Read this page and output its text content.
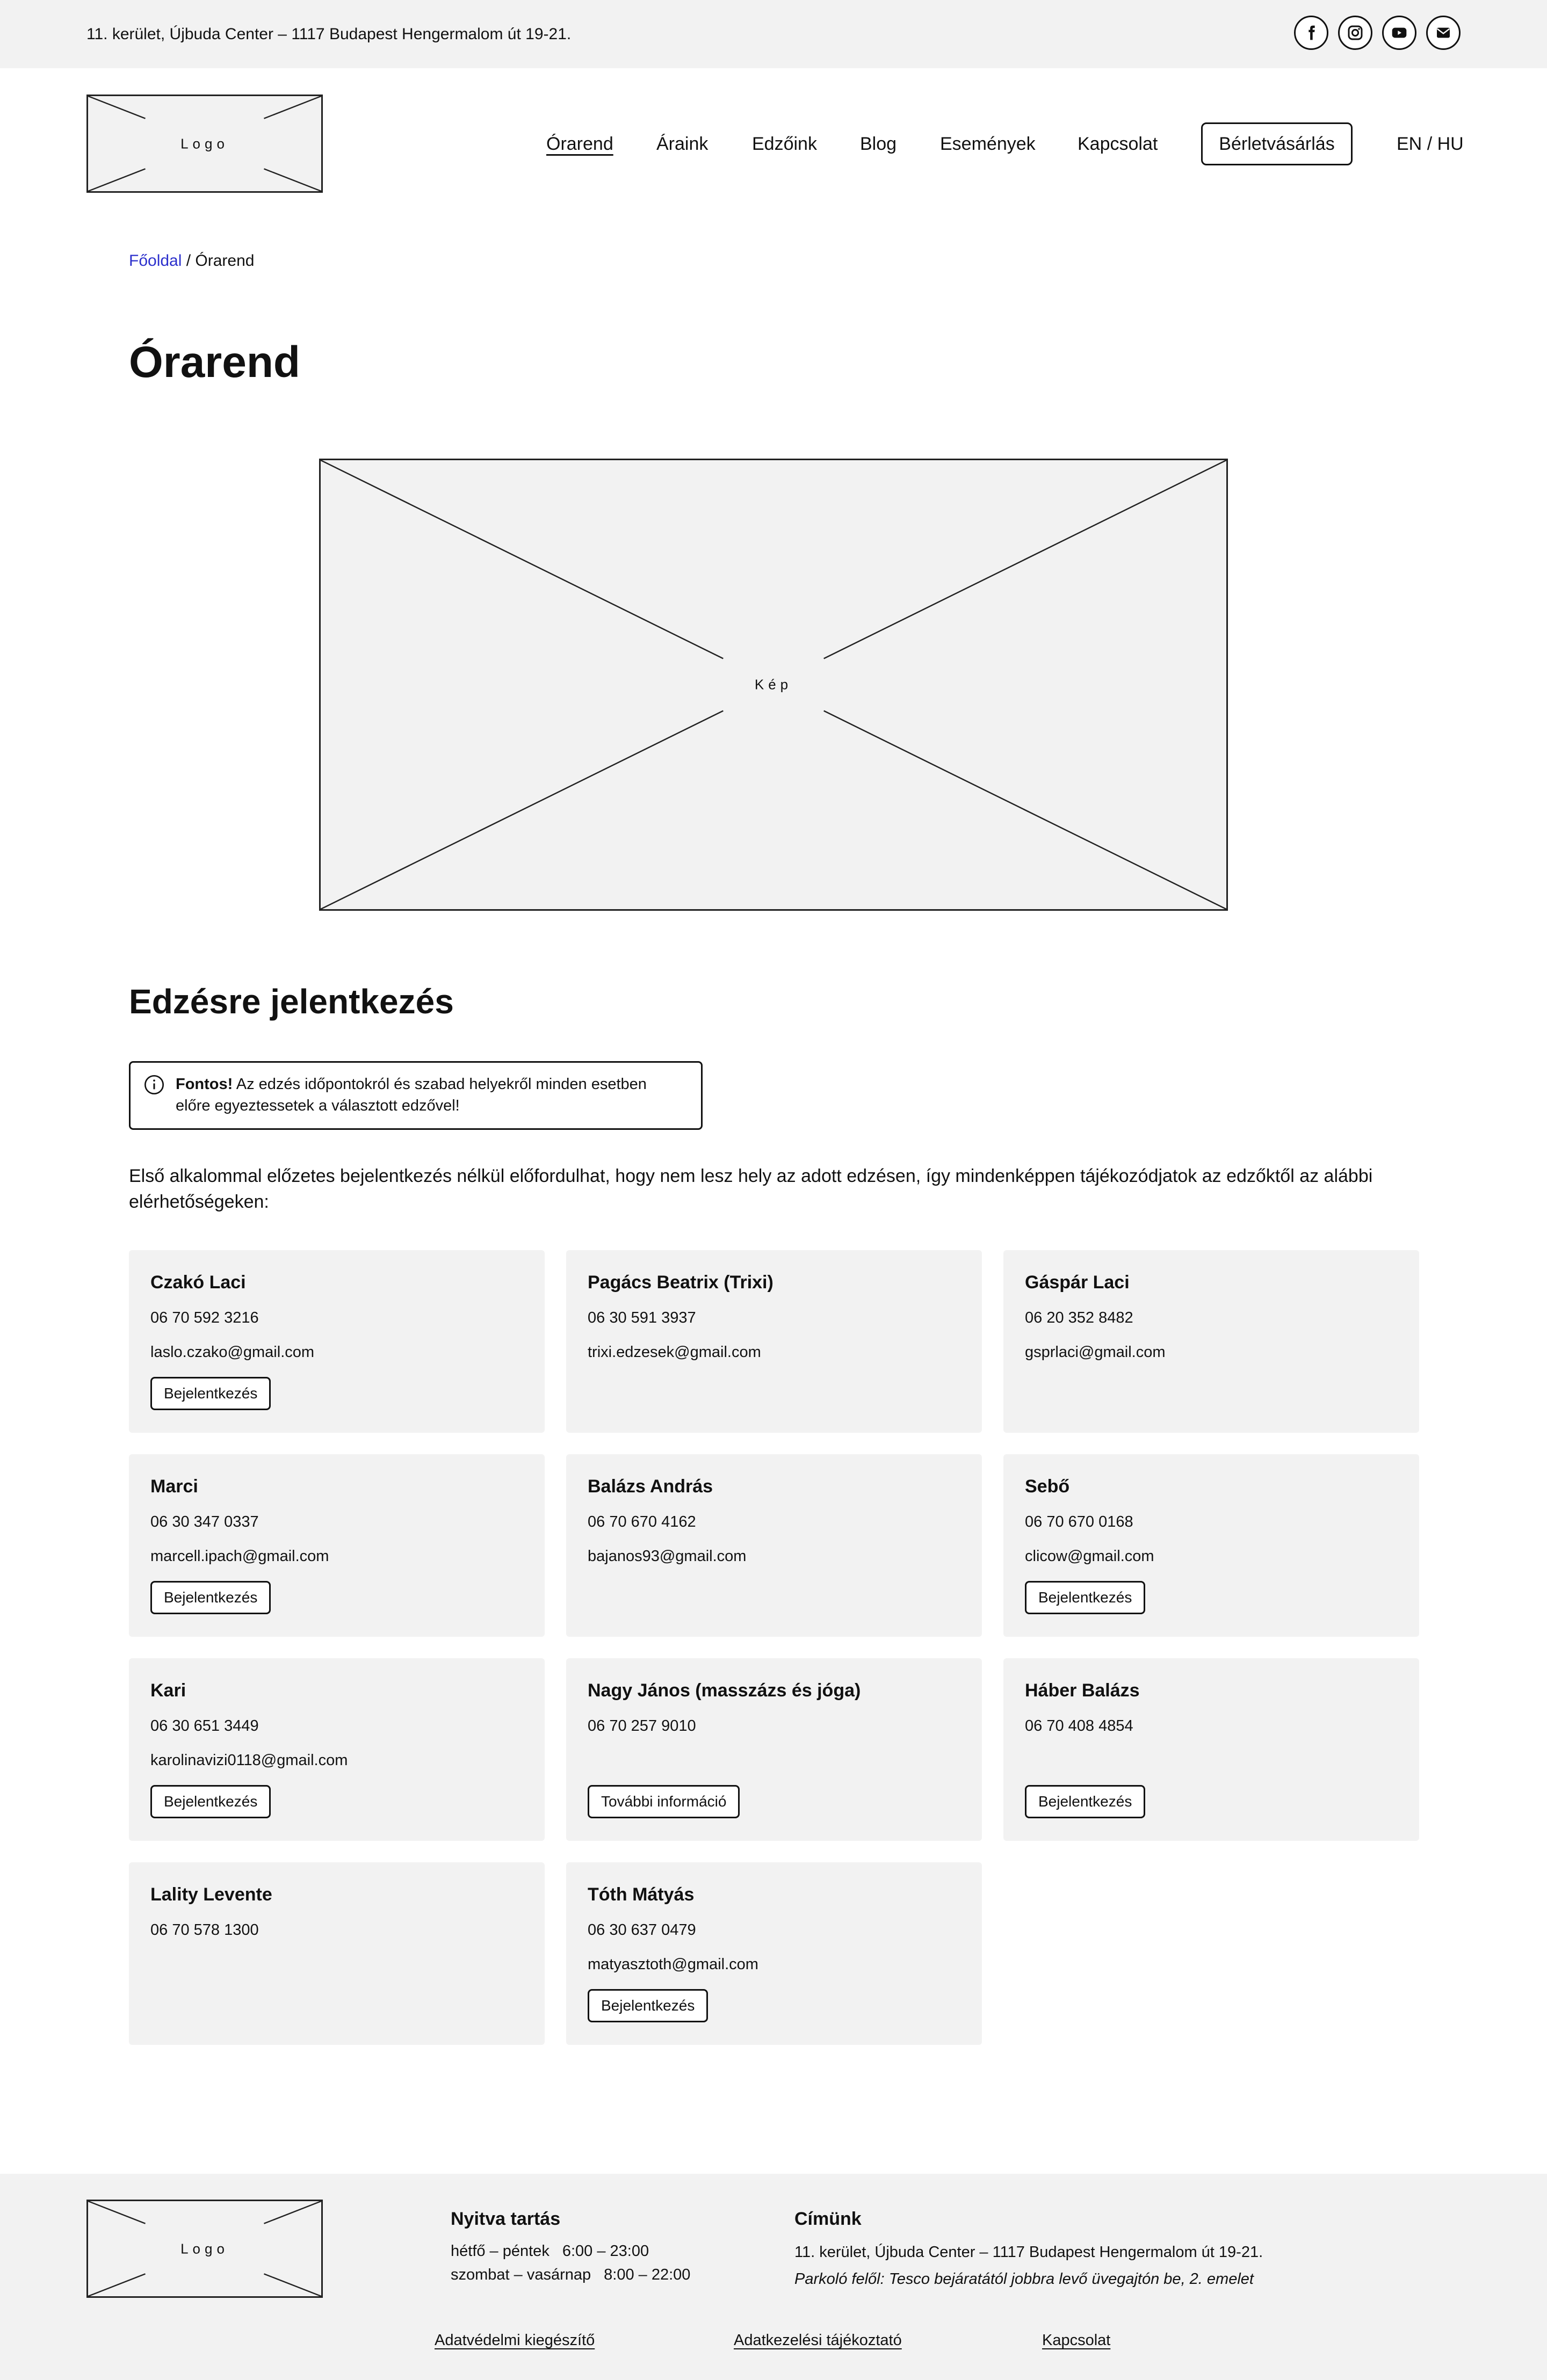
11. kerület, Újbuda Center – 1117 Budapest Hengermalom út 19-21.
Logo	Órarend Áraink Edzőink Blog Események Kapcsolat	Bérletvásárlás	EN / HU
Főoldal / Órarend
Órarend
Kép
Edzésre jelentkezés
Fontos! Az edzés időpontokról és szabad helyekről minden esetben előre egyeztessetek a választott edzővel!
Első alkalommal előzetes bejelentkezés nélkül előfordulhat, hogy nem lesz hely az adott edzésen, így mindenképpen tájékozódjatok az edzőktől az alábbi elérhetőségeken:
Czakó Laci
06 70 592 3216
laslo.czako@gmail.com
Bejelentkezés
Pagács Beatrix (Trixi)
06 30 591 3937
trixi.edzesek@gmail.com
Gáspár Laci
06 20 352 8482
gsprlaci@gmail.com
Marci
06 30 347 0337
marcell.ipach@gmail.com
Bejelentkezés
Balázs András
06 70 670 4162
bajanos93@gmail.com
Sebő
06 70 670 0168
clicow@gmail.com
Bejelentkezés
Kari
06 30 651 3449
karolinavizi0118@gmail.com
Bejelentkezés
Nagy János (masszázs és jóga)
06 70 257 9010
További információ
Háber Balázs
06 70 408 4854
Bejelentkezés
Lality Levente
06 70 578 1300
Tóth Mátyás
06 30 637 0479
matyasztoth@gmail.com
Bejelentkezés
Logo
Nyitva tartás
hétfő – péntek 6:00 – 23:00
szombat – vasárnap 8:00 – 22:00
Címünk
11. kerület, Újbuda Center – 1117 Budapest Hengermalom út 19-21.
Parkoló felől: Tesco bejáratától jobbra levő üvegajtón be, 2. emelet
Adatvédelmi kiegészítő	Adatkezelési tájékoztató	Kapcsolat
